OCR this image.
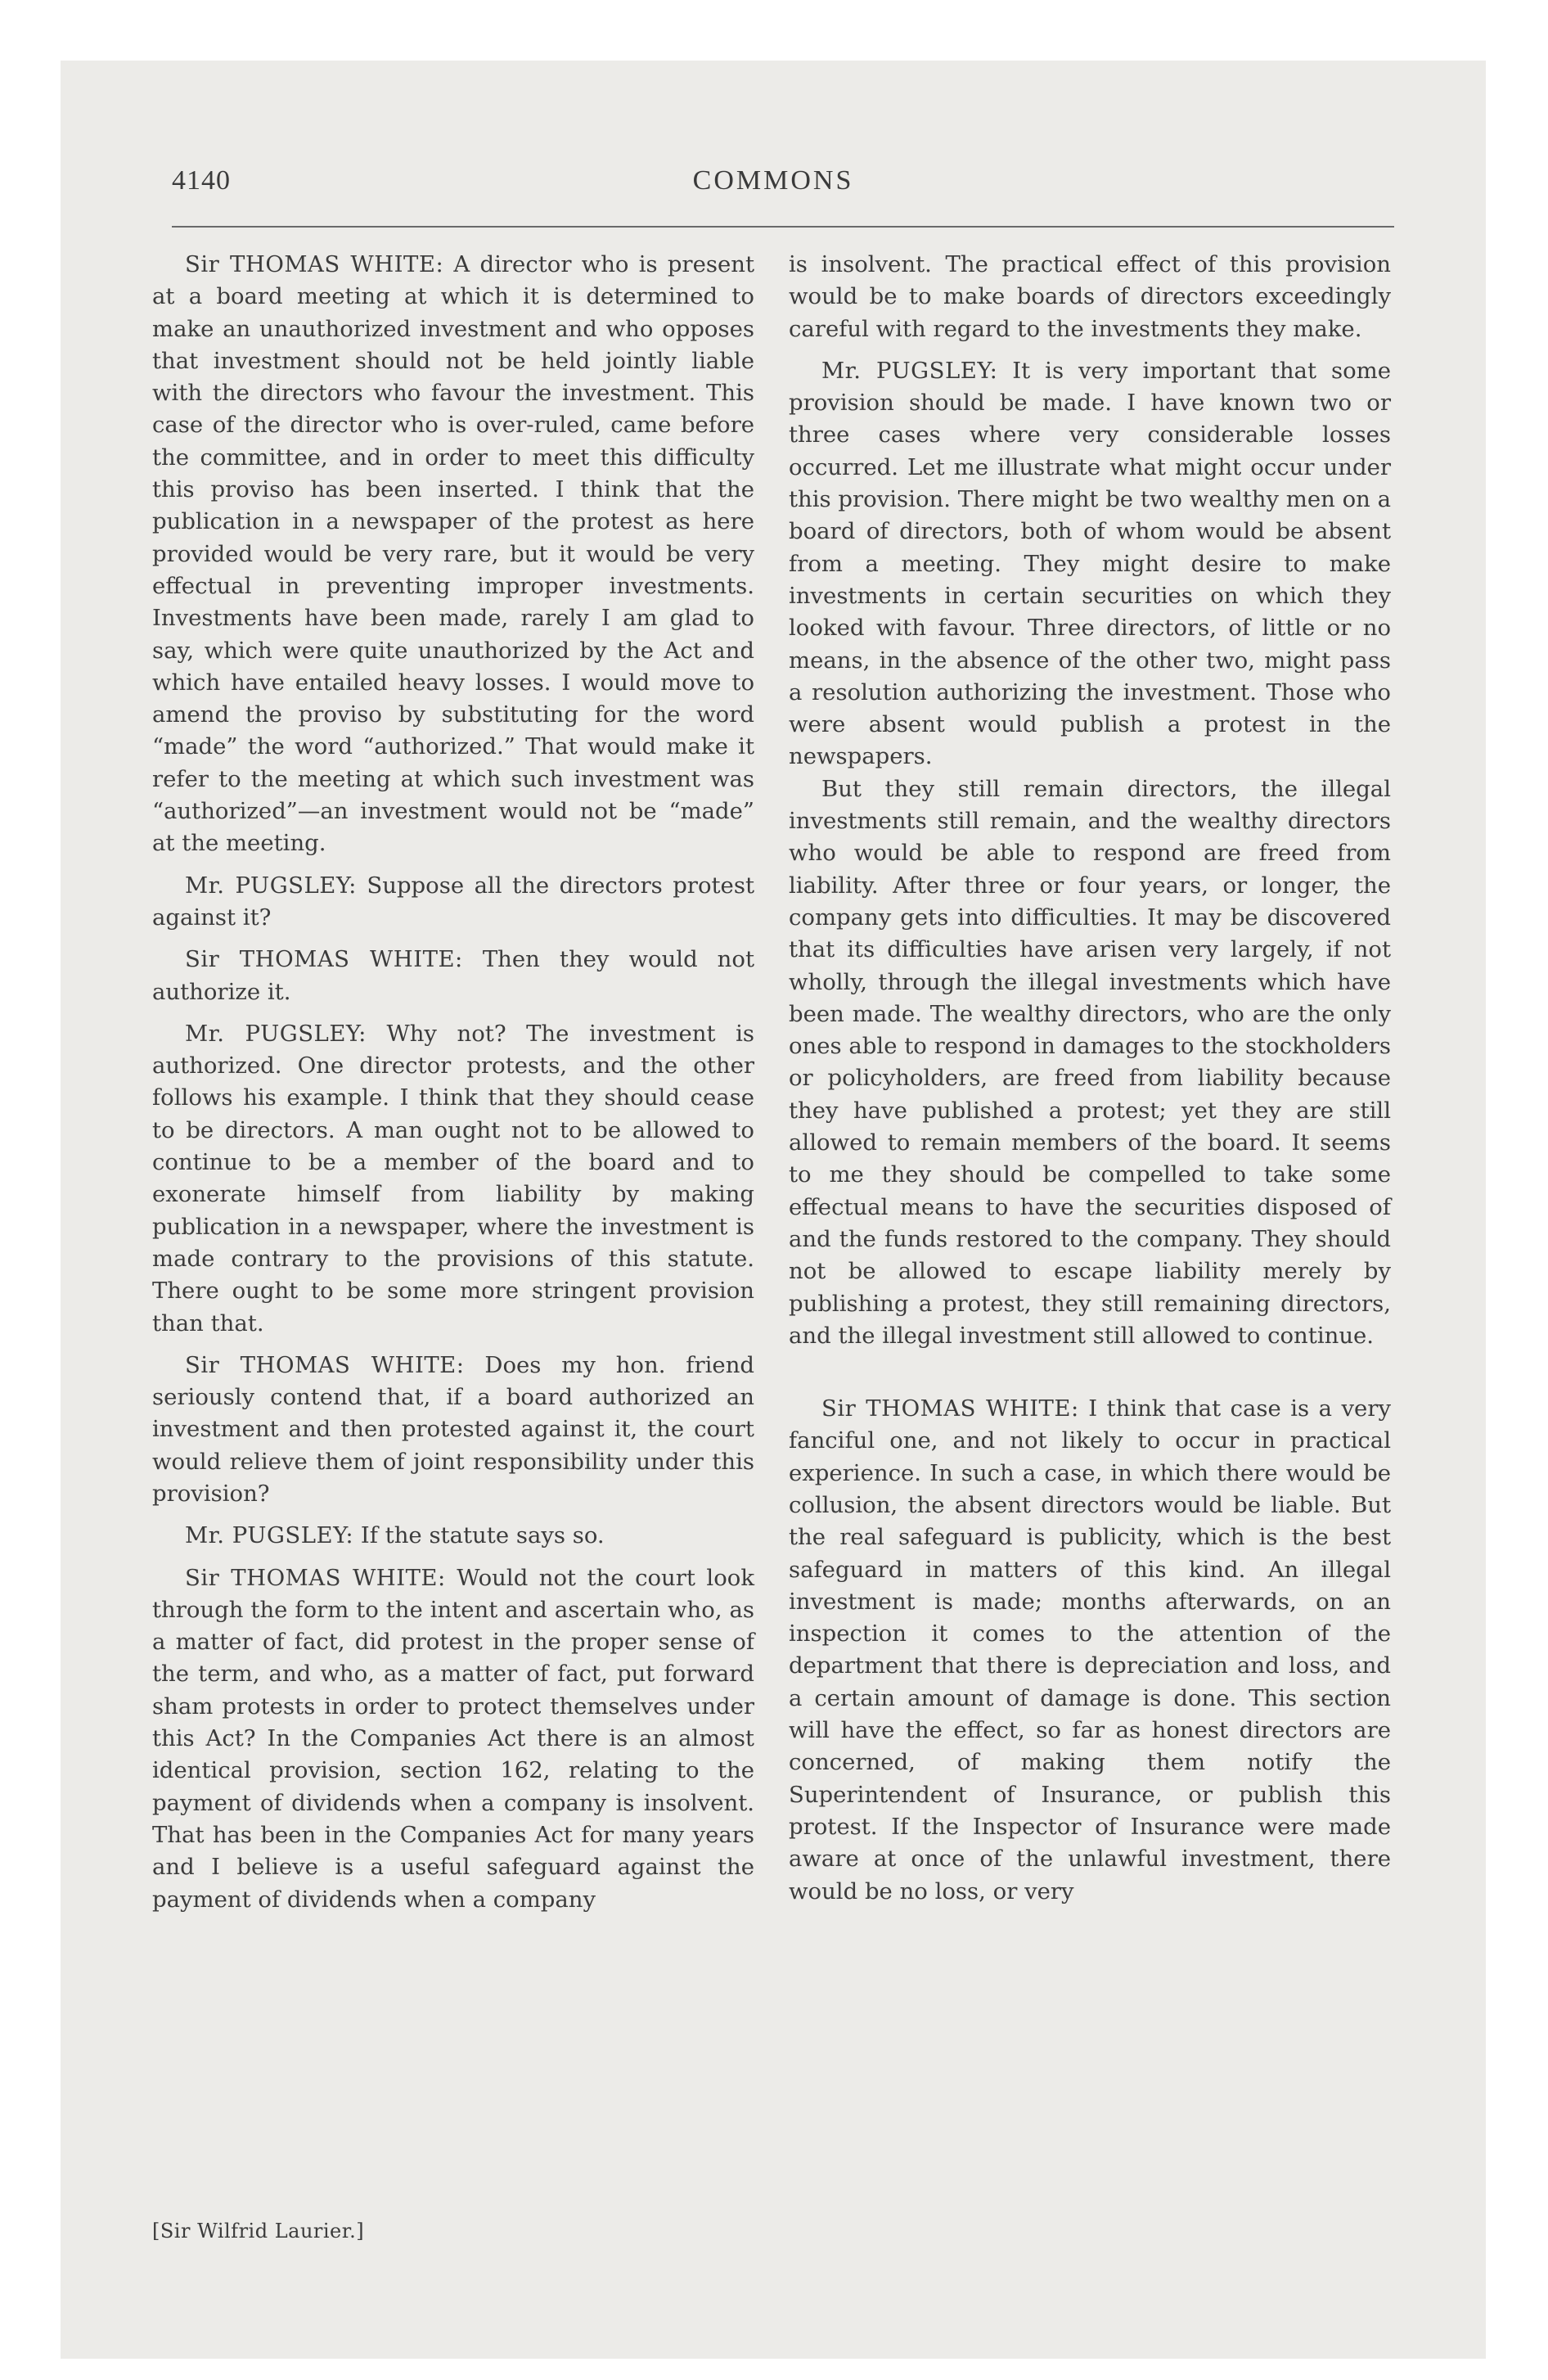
4140	COMMONS

Sir THOMAS WHITE: A director who is present at a board meeting at which it is determined to make an unauthorized investment and who opposes that investment should not be held jointly liable with the directors who favour the investment. This case of the director who is over-ruled, came before the committee, and in order to meet this difficulty this proviso has been inserted. I think that the publication in a newspaper of the protest as here provided would be very rare, but it would be very effectual in preventing improper investments. Investments have been made, rarely I am glad to say, which were quite unauthorized by the Act and which have entailed heavy losses. I would move to amend the proviso by substituting for the word “made” the word “authorized.” That would make it refer to the meeting at which such investment was “authorized”—an investment would not be “made” at the meeting.

Mr. PUGSLEY: Suppose all the directors protest against it?

Sir THOMAS WHITE: Then they would not authorize it.

Mr. PUGSLEY: Why not? The investment is authorized. One director protests, and the other follows his example. I think that they should cease to be directors. A man ought not to be allowed to continue to be a member of the board and to exonerate himself from liability by making publication in a newspaper, where the investment is made contrary to the provisions of this statute. There ought to be some more stringent provision than that.

Sir THOMAS WHITE: Does my hon. friend seriously contend that, if a board authorized an investment and then protested against it, the court would relieve them of joint responsibility under this provision?

Mr. PUGSLEY: If the statute says so.

Sir THOMAS WHITE: Would not the court look through the form to the intent and ascertain who, as a matter of fact, did protest in the proper sense of the term, and who, as a matter of fact, put forward sham protests in order to protect themselves under this Act? In the Companies Act there is an almost identical provision, section 162, relating to the payment of dividends when a company is insolvent. That has been in the Companies Act for many years and I believe is a useful safeguard against the payment of dividends when a company

[Sir Wilfrid Laurier.]

is insolvent. The practical effect of this provision would be to make boards of directors exceedingly careful with regard to the investments they make.

Mr. PUGSLEY: It is very important that some provision should be made. I have known two or three cases where very considerable losses occurred. Let me illustrate what might occur under this provision. There might be two wealthy men on a board of directors, both of whom would be absent from a meeting. They might desire to make investments in certain securities on which they looked with favour. Three directors, of little or no means, in the absence of the other two, might pass a resolution authorizing the investment. Those who were absent would publish a protest in the newspapers.

But they still remain directors, the illegal investments still remain, and the wealthy directors who would be able to respond are freed from liability. After three or four years, or longer, the company gets into difficulties. It may be discovered that its difficulties have arisen very largely, if not wholly, through the illegal investments which have been made. The wealthy directors, who are the only ones able to respond in damages to the stockholders or policyholders, are freed from liability because they have published a protest; yet they are still allowed to remain members of the board. It seems to me they should be compelled to take some effectual means to have the securities disposed of and the funds restored to the company. They should not be allowed to escape liability merely by publishing a protest, they still remaining directors, and the illegal investment still allowed to continue.

Sir THOMAS WHITE: I think that case is a very fanciful one, and not likely to occur in practical experience. In such a case, in which there would be collusion, the absent directors would be liable. But the real safeguard is publicity, which is the best safeguard in matters of this kind. An illegal investment is made; months afterwards, on an inspection it comes to the attention of the department that there is depreciation and loss, and a certain amount of damage is done. This section will have the effect, so far as honest directors are concerned, of making them notify the Superintendent of Insurance, or publish this protest. If the Inspector of Insurance were made aware at once of the unlawful investment, there would be no loss, or very
